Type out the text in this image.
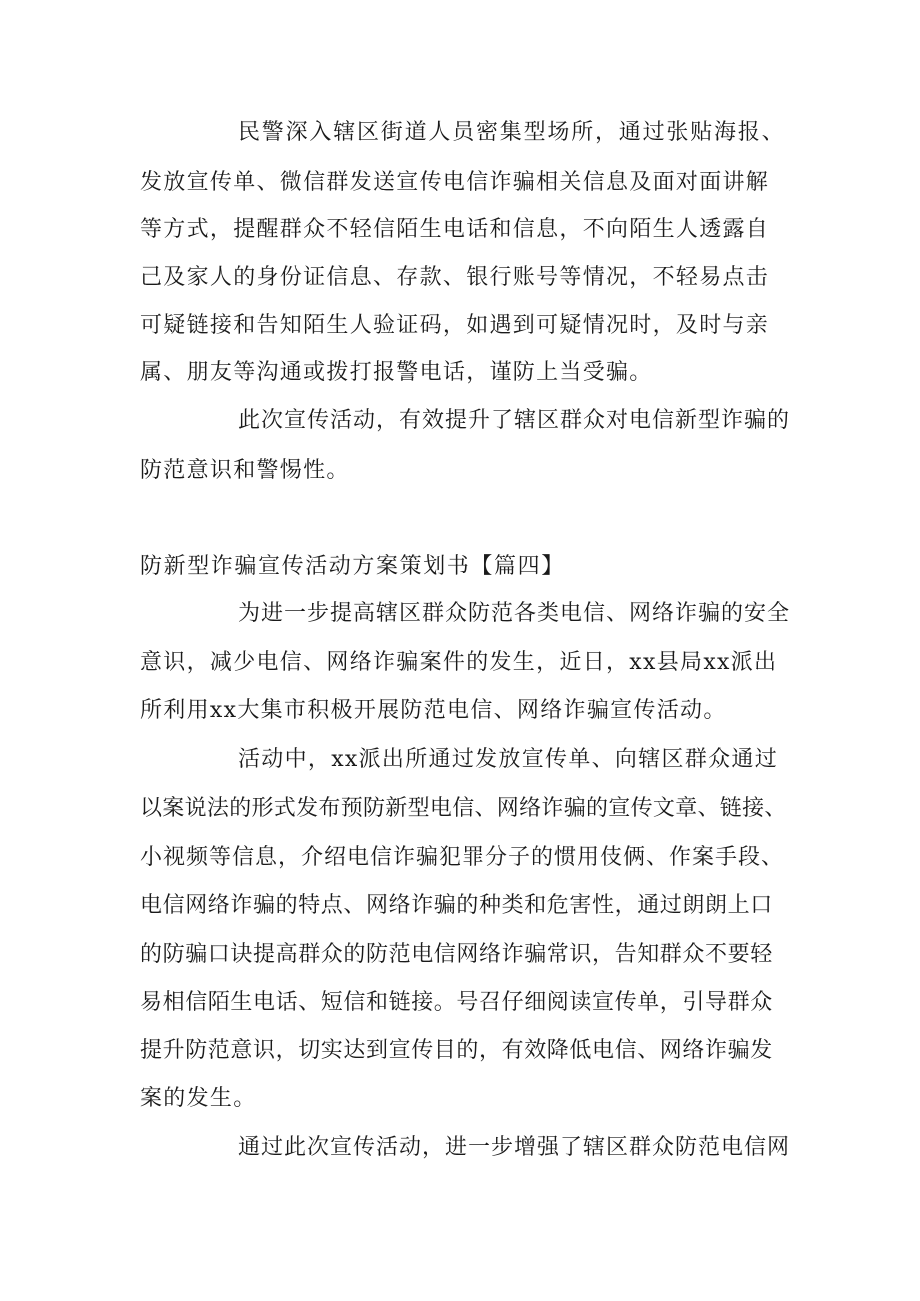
民警深入辖区街道人员密集型场所，通过张贴海报、
发放宣传单、微信群发送宣传电信诈骗相关信息及面对面讲解
等方式，提醒群众不轻信陌生电话和信息，不向陌生人透露自
己及家人的身份证信息、存款、银行账号等情况，不轻易点击
可疑链接和告知陌生人验证码，如遇到可疑情况时，及时与亲
属、朋友等沟通或拨打报警电话，谨防上当受骗。
此次宣传活动，有效提升了辖区群众对电信新型诈骗的
防范意识和警惕性。
防新型诈骗宣传活动方案策划书【篇四】
为进一步提高辖区群众防范各类电信、网络诈骗的安全
意识，减少电信、网络诈骗案件的发生，近日，xx县局xx派出
所利用xx大集市积极开展防范电信、网络诈骗宣传活动。
活动中，xx派出所通过发放宣传单、向辖区群众通过
以案说法的形式发布预防新型电信、网络诈骗的宣传文章、链接、
小视频等信息，介绍电信诈骗犯罪分子的惯用伎俩、作案手段、
电信网络诈骗的特点、网络诈骗的种类和危害性，通过朗朗上口
的防骗口诀提高群众的防范电信网络诈骗常识，告知群众不要轻
易相信陌生电话、短信和链接。号召仔细阅读宣传单，引导群众
提升防范意识，切实达到宣传目的，有效降低电信、网络诈骗发
案的发生。
通过此次宣传活动，进一步增强了辖区群众防范电信网
